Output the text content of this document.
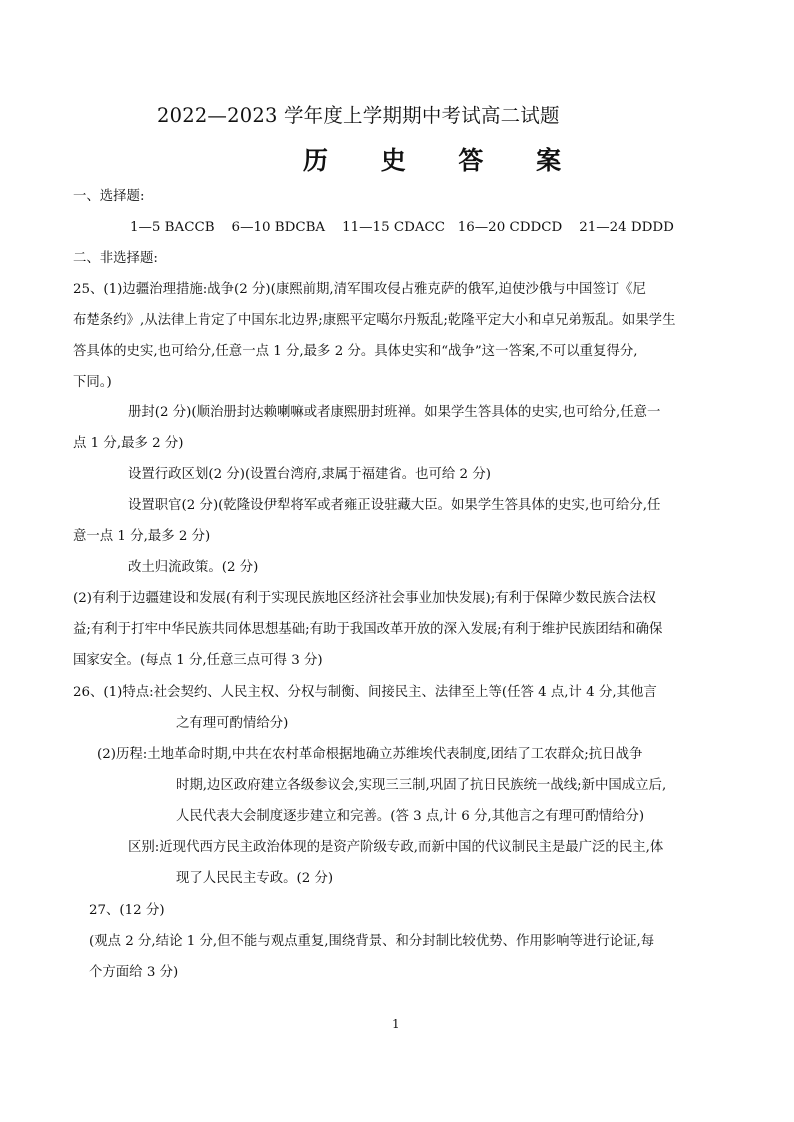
2022—2023 学年度上学期期中考试高二试题
历 史 答 案
一、选择题:
1—5 BACCB    6—10 BDCBA    11—15 CDACC   16—20 CDDCD    21—24 DDDD
二、非选择题:
25、(1)边疆治理措施:战争(2 分)(康熙前期,清军围攻侵占雅克萨的俄军,迫使沙俄与中国签订《尼
布楚条约》,从法律上肯定了中国东北边界;康熙平定噶尔丹叛乱;乾隆平定大小和卓兄弟叛乱。如果学生
答具体的史实,也可给分,任意一点 1 分,最多 2 分。具体史实和“战争”这一答案,不可以重复得分,
下同。)
册封(2 分)(顺治册封达赖喇嘛或者康熙册封班禅。如果学生答具体的史实,也可给分,任意一
点 1 分,最多 2 分)
设置行政区划(2 分)(设置台湾府,隶属于福建省。也可给 2 分)
设置职官(2 分)(乾隆设伊犁将军或者雍正设驻藏大臣。如果学生答具体的史实,也可给分,任
意一点 1 分,最多 2 分)
改土归流政策。(2 分)
(2)有利于边疆建设和发展(有利于实现民族地区经济社会事业加快发展);有利于保障少数民族合法权
益;有利于打牢中华民族共同体思想基础;有助于我国改革开放的深入发展;有利于维护民族团结和确保
国家安全。(每点 1 分,任意三点可得 3 分)
26、(1)特点:社会契约、人民主权、分权与制衡、间接民主、法律至上等(任答 4 点,计 4 分,其他言
之有理可酌情给分)
(2)历程:土地革命时期,中共在农村革命根据地确立苏维埃代表制度,团结了工农群众;抗日战争
时期,边区政府建立各级参议会,实现三三制,巩固了抗日民族统一战线;新中国成立后,
人民代表大会制度逐步建立和完善。(答 3 点,计 6 分,其他言之有理可酌情给分)
区别:近现代西方民主政治体现的是资产阶级专政,而新中国的代议制民主是最广泛的民主,体
现了人民民主专政。(2 分)
27、(12 分)
(观点 2 分,结论 1 分,但不能与观点重复,围绕背景、和分封制比较优势、作用影响等进行论证,每
个方面给 3 分)
1
